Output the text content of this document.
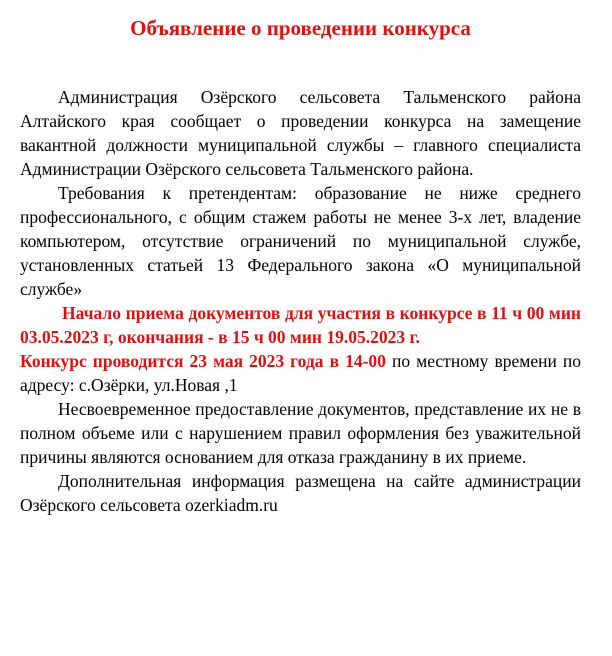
Объявление о проведении конкурса

Администрация Озёрского сельсовета Тальменского района Алтайского края сообщает о проведении конкурса на замещение вакантной должности муниципальной службы – главного специалиста Администрации Озёрского сельсовета Тальменского района.

Требования к претендентам: образование не ниже среднего профессионального, с общим стажем работы не менее 3-х лет, владение компьютером, отсутствие ограничений по муниципальной службе, установленных статьей 13 Федерального закона «О муниципальной службе»

Начало приема документов для участия в конкурсе в 11 ч 00 мин 03.05.2023 г, окончания - в 15 ч 00 мин 19.05.2023 г.

Конкурс проводится 23 мая 2023 года в 14-00 по местному времени по адресу: с.Озёрки, ул.Новая ,1

Несвоевременное предоставление документов, представление их не в полном объеме или с нарушением правил оформления без уважительной причины являются основанием для отказа гражданину в их приеме.

Дополнительная информация размещена на сайте администрации Озёрского сельсовета ozerkiadm.ru
